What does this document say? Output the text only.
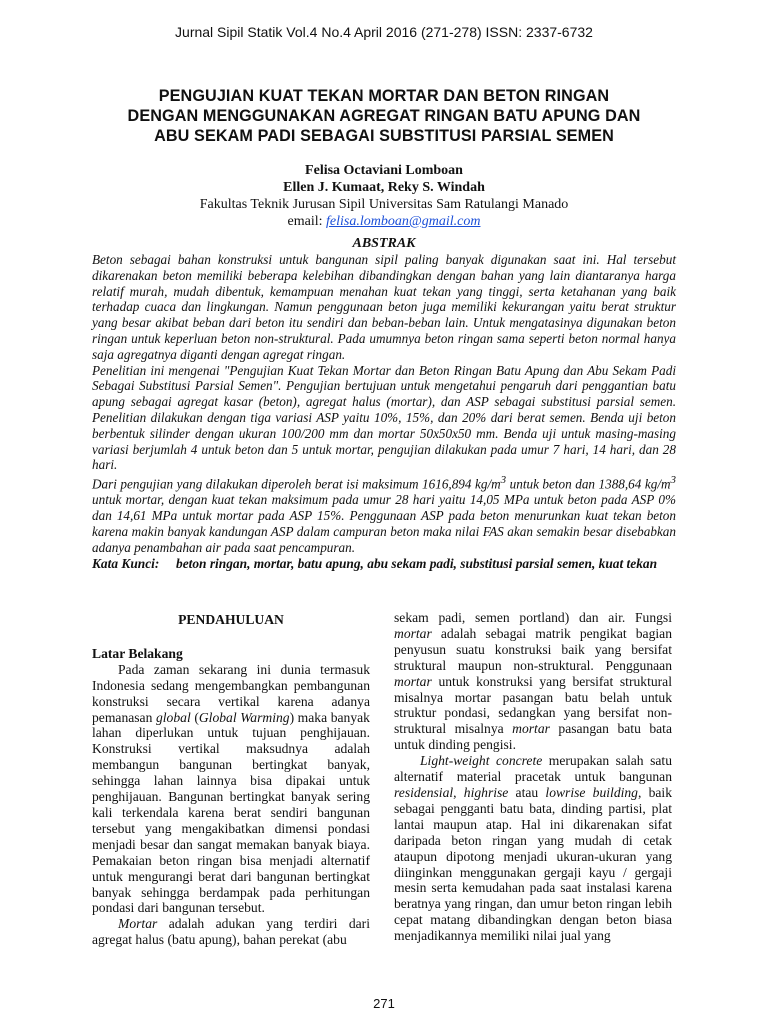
Jurnal Sipil Statik Vol.4 No.4 April 2016 (271-278) ISSN: 2337-6732
PENGUJIAN KUAT TEKAN MORTAR DAN BETON RINGAN
DENGAN MENGGUNAKAN AGREGAT RINGAN BATU APUNG DAN
ABU SEKAM PADI SEBAGAI SUBSTITUSI PARSIAL SEMEN
Felisa Octaviani Lomboan
Ellen J. Kumaat, Reky S. Windah
Fakultas Teknik Jurusan Sipil Universitas Sam Ratulangi Manado
email: felisa.lomboan@gmail.com
ABSTRAK

Beton sebagai bahan konstruksi untuk bangunan sipil paling banyak digunakan saat ini. Hal tersebut dikarenakan beton memiliki beberapa kelebihan dibandingkan dengan bahan yang lain diantaranya harga relatif murah, mudah dibentuk, kemampuan menahan kuat tekan yang tinggi, serta ketahanan yang baik terhadap cuaca dan lingkungan. Namun penggunaan beton juga memiliki kekurangan yaitu berat struktur yang besar akibat beban dari beton itu sendiri dan beban-beban lain. Untuk mengatasinya digunakan beton ringan untuk keperluan beton non-struktural. Pada umumnya beton ringan sama seperti beton normal hanya saja agregatnya diganti dengan agregat ringan.

Penelitian ini mengenai "Pengujian Kuat Tekan Mortar dan Beton Ringan Batu Apung dan Abu Sekam Padi Sebagai Substitusi Parsial Semen". Pengujian bertujuan untuk mengetahui pengaruh dari penggantian batu apung sebagai agregat kasar (beton), agregat halus (mortar), dan ASP sebagai substitusi parsial semen. Penelitian dilakukan dengan tiga variasi ASP yaitu 10%, 15%, dan 20% dari berat semen. Benda uji beton berbentuk silinder dengan ukuran 100/200 mm dan mortar 50x50x50 mm. Benda uji untuk masing-masing variasi berjumlah 4 untuk beton dan 5 untuk mortar, pengujian dilakukan pada umur 7 hari, 14 hari, dan 28 hari.

Dari pengujian yang dilakukan diperoleh berat isi maksimum 1616,894 $kg/m^3$ untuk beton dan 1388,64 $kg/m^3$ untuk mortar, dengan kuat tekan maksimum pada umur 28 hari yaitu 14,05 MPa untuk beton pada ASP 0% dan 14,61 MPa untuk mortar pada ASP 15%. Penggunaan ASP pada beton menurunkan kuat tekan beton karena makin banyak kandungan ASP dalam campuran beton maka nilai FAS akan semakin besar disebabkan adanya penambahan air pada saat pencampuran.

Kata Kunci:	beton ringan, mortar, batu apung, abu sekam padi, substitusi parsial semen, kuat tekan

PENDAHULUAN

Latar Belakang

Pada zaman sekarang ini dunia termasuk Indonesia sedang mengembangkan pembangunan konstruksi secara vertikal karena adanya pemanasan global (Global Warming) maka banyak lahan diperlukan untuk tujuan penghijauan. Konstruksi vertikal maksudnya adalah membangun bangunan bertingkat banyak, sehingga lahan lainnya bisa dipakai untuk penghijauan. Bangunan bertingkat banyak sering kali terkendala karena berat sendiri bangunan tersebut yang mengakibatkan dimensi pondasi menjadi besar dan sangat memakan banyak biaya. Pemakaian beton ringan bisa menjadi alternatif untuk mengurangi berat dari bangunan bertingkat banyak sehingga berdampak pada perhitungan pondasi dari bangunan tersebut.

Mortar adalah adukan yang terdiri dari agregat halus (batu apung), bahan perekat (abu

sekam padi, semen portland) dan air. Fungsi mortar adalah sebagai matrik pengikat bagian penyusun suatu konstruksi baik yang bersifat struktural maupun non-struktural. Penggunaan mortar untuk konstruksi yang bersifat struktural misalnya mortar pasangan batu belah untuk struktur pondasi, sedangkan yang bersifat non-struktural misalnya mortar pasangan batu bata untuk dinding pengisi.

Light-weight concrete merupakan salah satu alternatif material pracetak untuk bangunan residensial, highrise atau lowrise building, baik sebagai pengganti batu bata, dinding partisi, plat lantai maupun atap. Hal ini dikarenakan sifat daripada beton ringan yang mudah di cetak ataupun dipotong menjadi ukuran-ukuran yang diinginkan menggunakan gergaji kayu / gergaji mesin serta kemudahan pada saat instalasi karena beratnya yang ringan, dan umur beton ringan lebih cepat matang dibandingkan dengan beton biasa menjadikannya memiliki nilai jual yang

271
